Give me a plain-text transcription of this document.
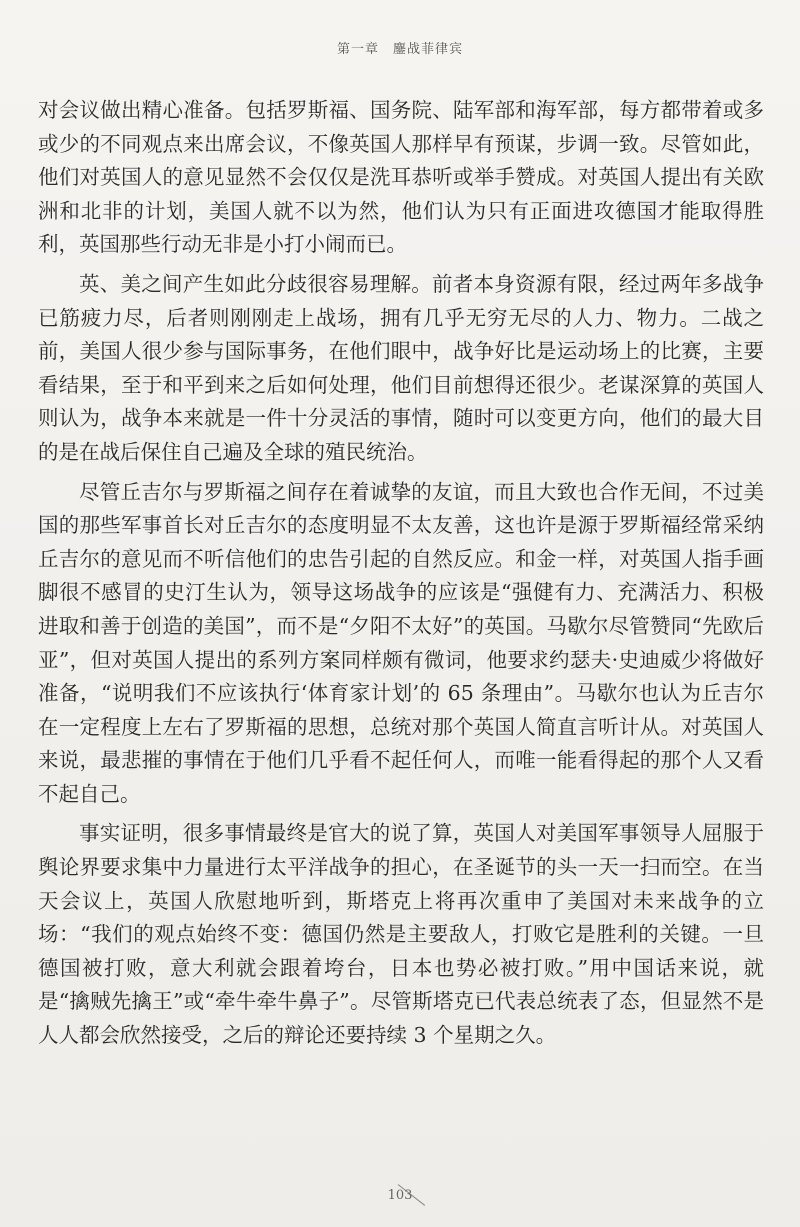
第一章 鏖战菲律宾

对会议做出精心准备。包括罗斯福、国务院、陆军部和海军部，每方都带着或多或少的不同观点来出席会议，不像英国人那样早有预谋，步调一致。尽管如此，他们对英国人的意见显然不会仅仅是洗耳恭听或举手赞成。对英国人提出有关欧洲和北非的计划，美国人就不以为然，他们认为只有正面进攻德国才能取得胜利，英国那些行动无非是小打小闹而已。

英、美之间产生如此分歧很容易理解。前者本身资源有限，经过两年多战争已筋疲力尽，后者则刚刚走上战场，拥有几乎无穷无尽的人力、物力。二战之前，美国人很少参与国际事务，在他们眼中，战争好比是运动场上的比赛，主要看结果，至于和平到来之后如何处理，他们目前想得还很少。老谋深算的英国人则认为，战争本来就是一件十分灵活的事情，随时可以变更方向，他们的最大目的是在战后保住自己遍及全球的殖民统治。

尽管丘吉尔与罗斯福之间存在着诚挚的友谊，而且大致也合作无间，不过美国的那些军事首长对丘吉尔的态度明显不太友善，这也许是源于罗斯福经常采纳丘吉尔的意见而不听信他们的忠告引起的自然反应。和金一样，对英国人指手画脚很不感冒的史汀生认为，领导这场战争的应该是“强健有力、充满活力、积极进取和善于创造的美国”，而不是“夕阳不太好”的英国。马歇尔尽管赞同“先欧后亚”，但对英国人提出的系列方案同样颇有微词，他要求约瑟夫·史迪威少将做好准备，“说明我们不应该执行‘体育家计划’的 65 条理由”。马歇尔也认为丘吉尔在一定程度上左右了罗斯福的思想，总统对那个英国人简直言听计从。对英国人来说，最悲摧的事情在于他们几乎看不起任何人，而唯一能看得起的那个人又看不起自己。

事实证明，很多事情最终是官大的说了算，英国人对美国军事领导人屈服于舆论界要求集中力量进行太平洋战争的担心，在圣诞节的头一天一扫而空。在当天会议上，英国人欣慰地听到，斯塔克上将再次重申了美国对未来战争的立场：“我们的观点始终不变：德国仍然是主要敌人，打败它是胜利的关键。一旦德国被打败，意大利就会跟着垮台，日本也势必被打败。”用中国话来说，就是“擒贼先擒王”或“牵牛牵牛鼻子”。尽管斯塔克已代表总统表了态，但显然不是人人都会欣然接受，之后的辩论还要持续 3 个星期之久。

103
